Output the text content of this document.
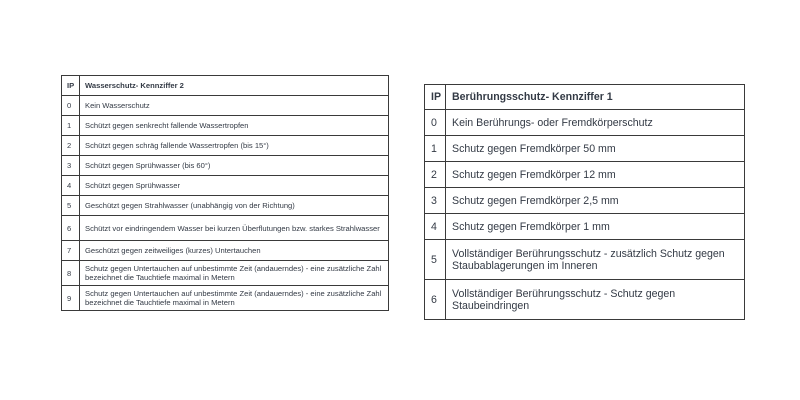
IP	Wasserschutz- Kennziffer 2
0	Kein Wasserschutz
1	Schützt gegen senkrecht fallende Wassertropfen
2	Schützt gegen schräg fallende Wassertropfen (bis 15°)
3	Schützt gegen Sprühwasser (bis 60°)
4	Schützt gegen Sprühwasser
5	Geschützt gegen Strahlwasser (unabhängig von der Richtung)
6	Schützt vor eindringendem Wasser bei kurzen Überflutungen bzw. starkes Strahlwasser
7	Geschützt gegen zeitweiliges (kurzes) Untertauchen
8	Schutz gegen Untertauchen auf unbestimmte Zeit (andauerndes) - eine zusätzliche Zahl bezeichnet die Tauchtiefe maximal in Metern
9	Schutz gegen Untertauchen auf unbestimmte Zeit (andauerndes) - eine zusätzliche Zahl bezeichnet die Tauchtiefe maximal in Metern
IP	Berührungsschutz- Kennziffer 1
0	Kein Berührungs- oder Fremdkörperschutz
1	Schutz gegen Fremdkörper 50 mm
2	Schutz gegen Fremdkörper 12 mm
3	Schutz gegen Fremdkörper 2,5 mm
4	Schutz gegen Fremdkörper 1 mm
5	Vollständiger Berührungsschutz - zusätzlich Schutz gegen Staubablagerungen im Inneren
6	Vollständiger Berührungsschutz - Schutz gegen Staubeindringen
